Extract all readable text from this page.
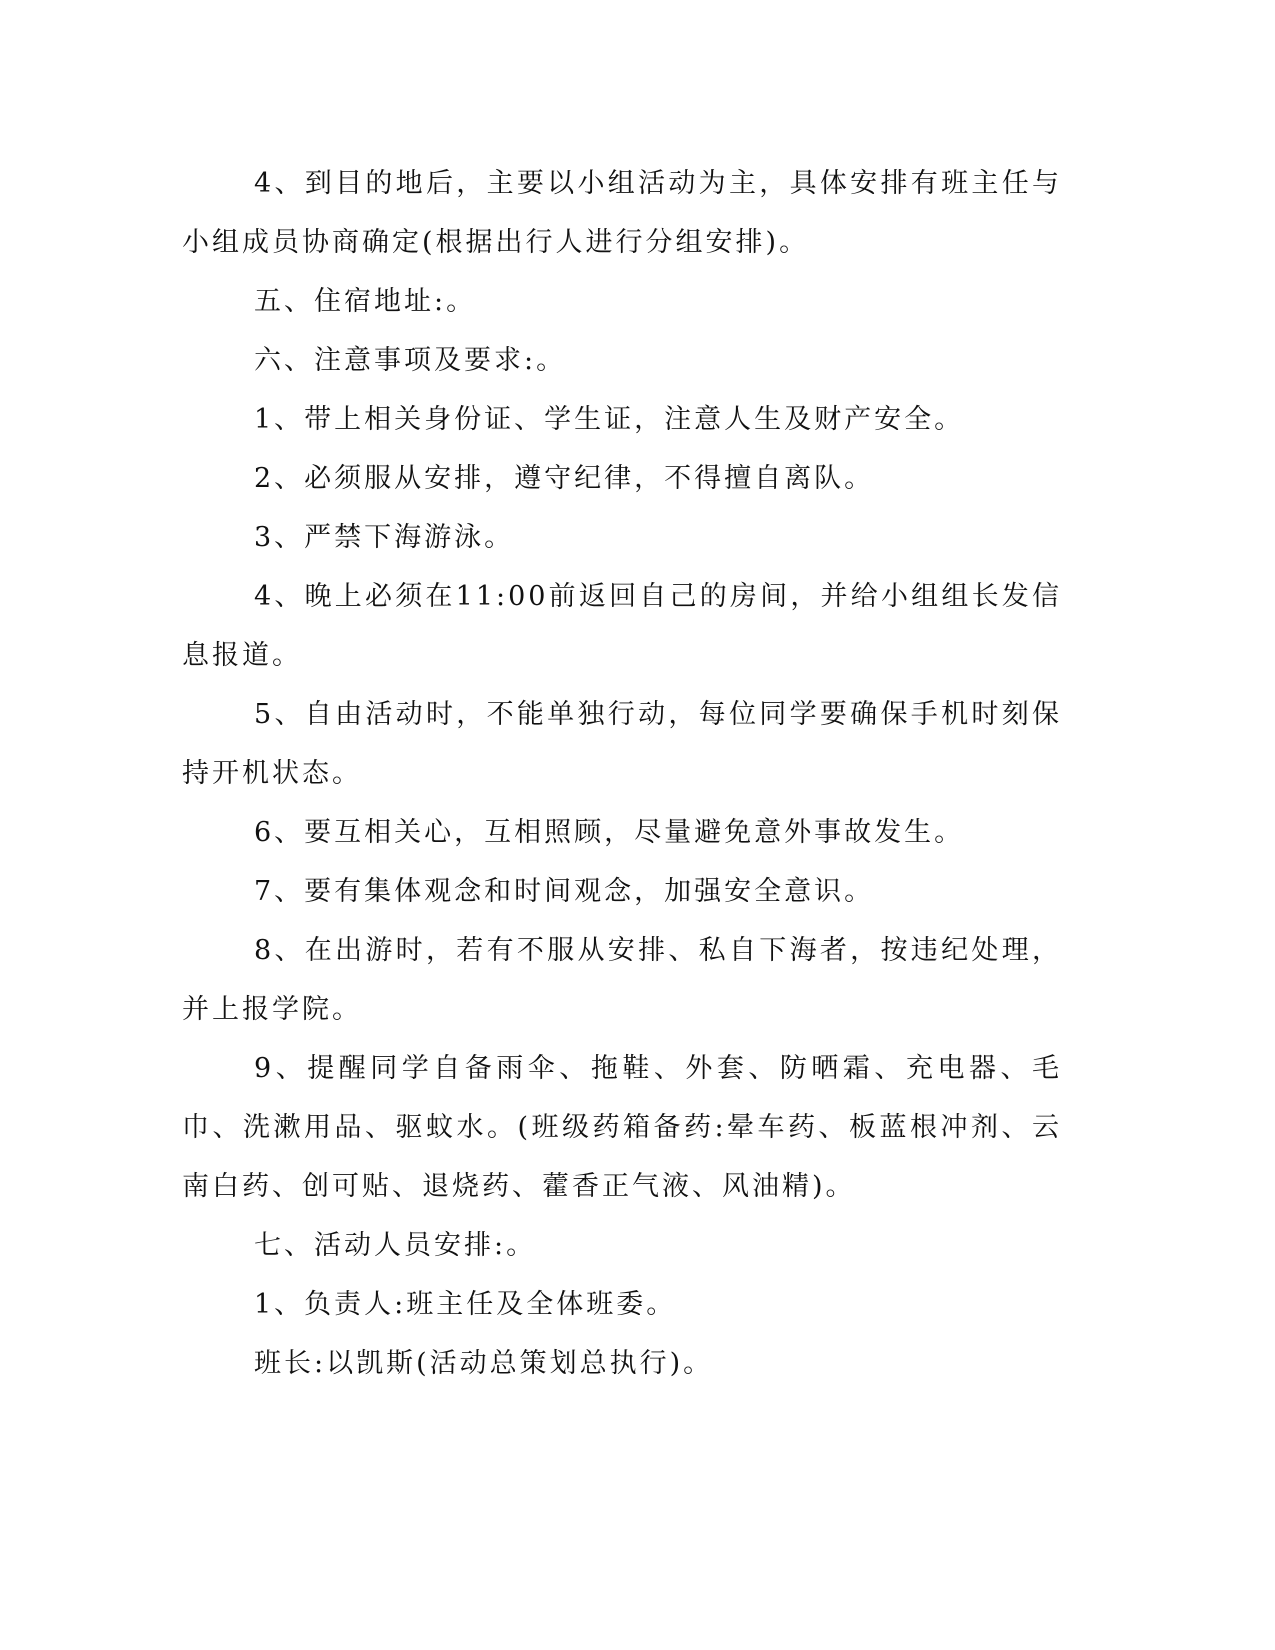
4、到目的地后，主要以小组活动为主，具体安排有班主任与小组成员协商确定(根据出行人进行分组安排)。

五、住宿地址:。

六、注意事项及要求:。

1、带上相关身份证、学生证，注意人生及财产安全。

2、必须服从安排，遵守纪律，不得擅自离队。

3、严禁下海游泳。

4、晚上必须在11:00前返回自己的房间，并给小组组长发信息报道。

5、自由活动时，不能单独行动，每位同学要确保手机时刻保持开机状态。

6、要互相关心，互相照顾，尽量避免意外事故发生。

7、要有集体观念和时间观念，加强安全意识。

8、在出游时，若有不服从安排、私自下海者，按违纪处理，并上报学院。

9、提醒同学自备雨伞、拖鞋、外套、防晒霜、充电器、毛巾、洗漱用品、驱蚊水。(班级药箱备药:晕车药、板蓝根冲剂、云南白药、创可贴、退烧药、藿香正气液、风油精)。

七、活动人员安排:。

1、负责人:班主任及全体班委。

班长:以凯斯(活动总策划总执行)。
